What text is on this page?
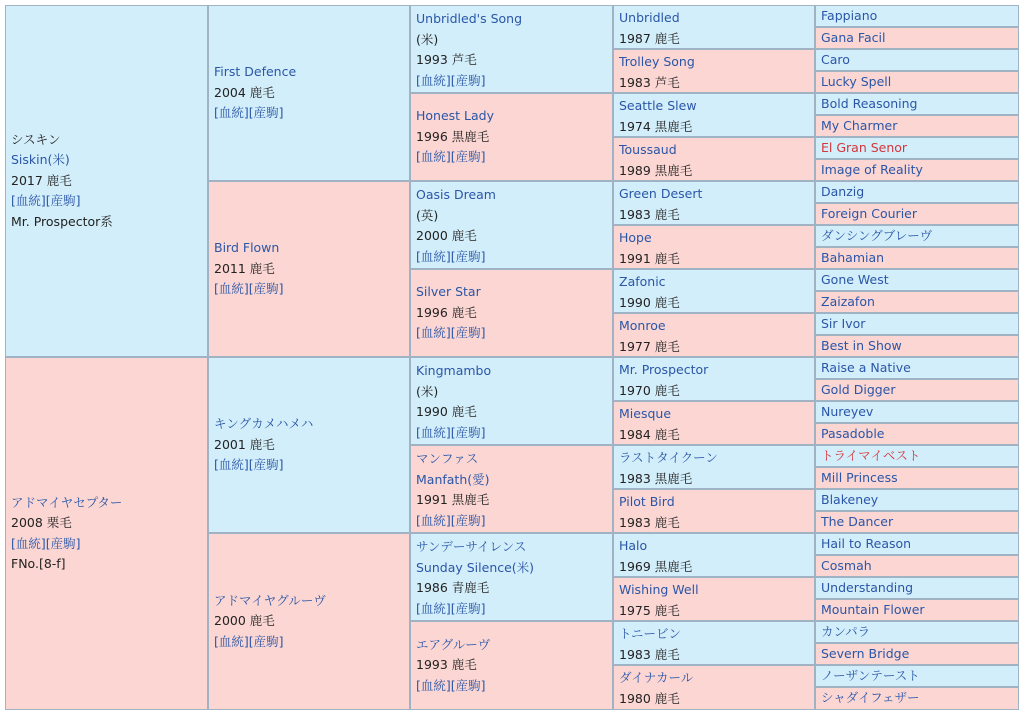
シスキン
Siskin(米)
2017 鹿毛
[血統][産駒]
Mr. Prospector系
アドマイヤセプター
2008 栗毛
[血統][産駒]
FNo.[8-f]
First Defence
2004 鹿毛
[血統][産駒]
Bird Flown
2011 鹿毛
[血統][産駒]
キングカメハメハ
2001 鹿毛
[血統][産駒]
アドマイヤグルーヴ
2000 鹿毛
[血統][産駒]
Unbridled's Song
(米)
1993 芦毛
[血統][産駒]
Honest Lady
1996 黒鹿毛
[血統][産駒]
Oasis Dream
(英)
2000 鹿毛
[血統][産駒]
Silver Star
1996 鹿毛
[血統][産駒]
Kingmambo
(米)
1990 鹿毛
[血統][産駒]
マンファス
Manfath(愛)
1991 黒鹿毛
[血統][産駒]
サンデーサイレンス
Sunday Silence(米)
1986 青鹿毛
[血統][産駒]
エアグルーヴ
1993 鹿毛
[血統][産駒]
Unbridled
1987 鹿毛
Trolley Song
1983 芦毛
Seattle Slew
1974 黒鹿毛
Toussaud
1989 黒鹿毛
Green Desert
1983 鹿毛
Hope
1991 鹿毛
Zafonic
1990 鹿毛
Monroe
1977 鹿毛
Mr. Prospector
1970 鹿毛
Miesque
1984 鹿毛
ラストタイクーン
1983 黒鹿毛
Pilot Bird
1983 鹿毛
Halo
1969 黒鹿毛
Wishing Well
1975 鹿毛
トニービン
1983 鹿毛
ダイナカール
1980 鹿毛
Fappiano
Gana Facil
Caro
Lucky Spell
Bold Reasoning
My Charmer
El Gran Senor
Image of Reality
Danzig
Foreign Courier
ダンシングブレーヴ
Bahamian
Gone West
Zaizafon
Sir Ivor
Best in Show
Raise a Native
Gold Digger
Nureyev
Pasadoble
トライマイベスト
Mill Princess
Blakeney
The Dancer
Hail to Reason
Cosmah
Understanding
Mountain Flower
カンパラ
Severn Bridge
ノーザンテースト
シャダイフェザー
